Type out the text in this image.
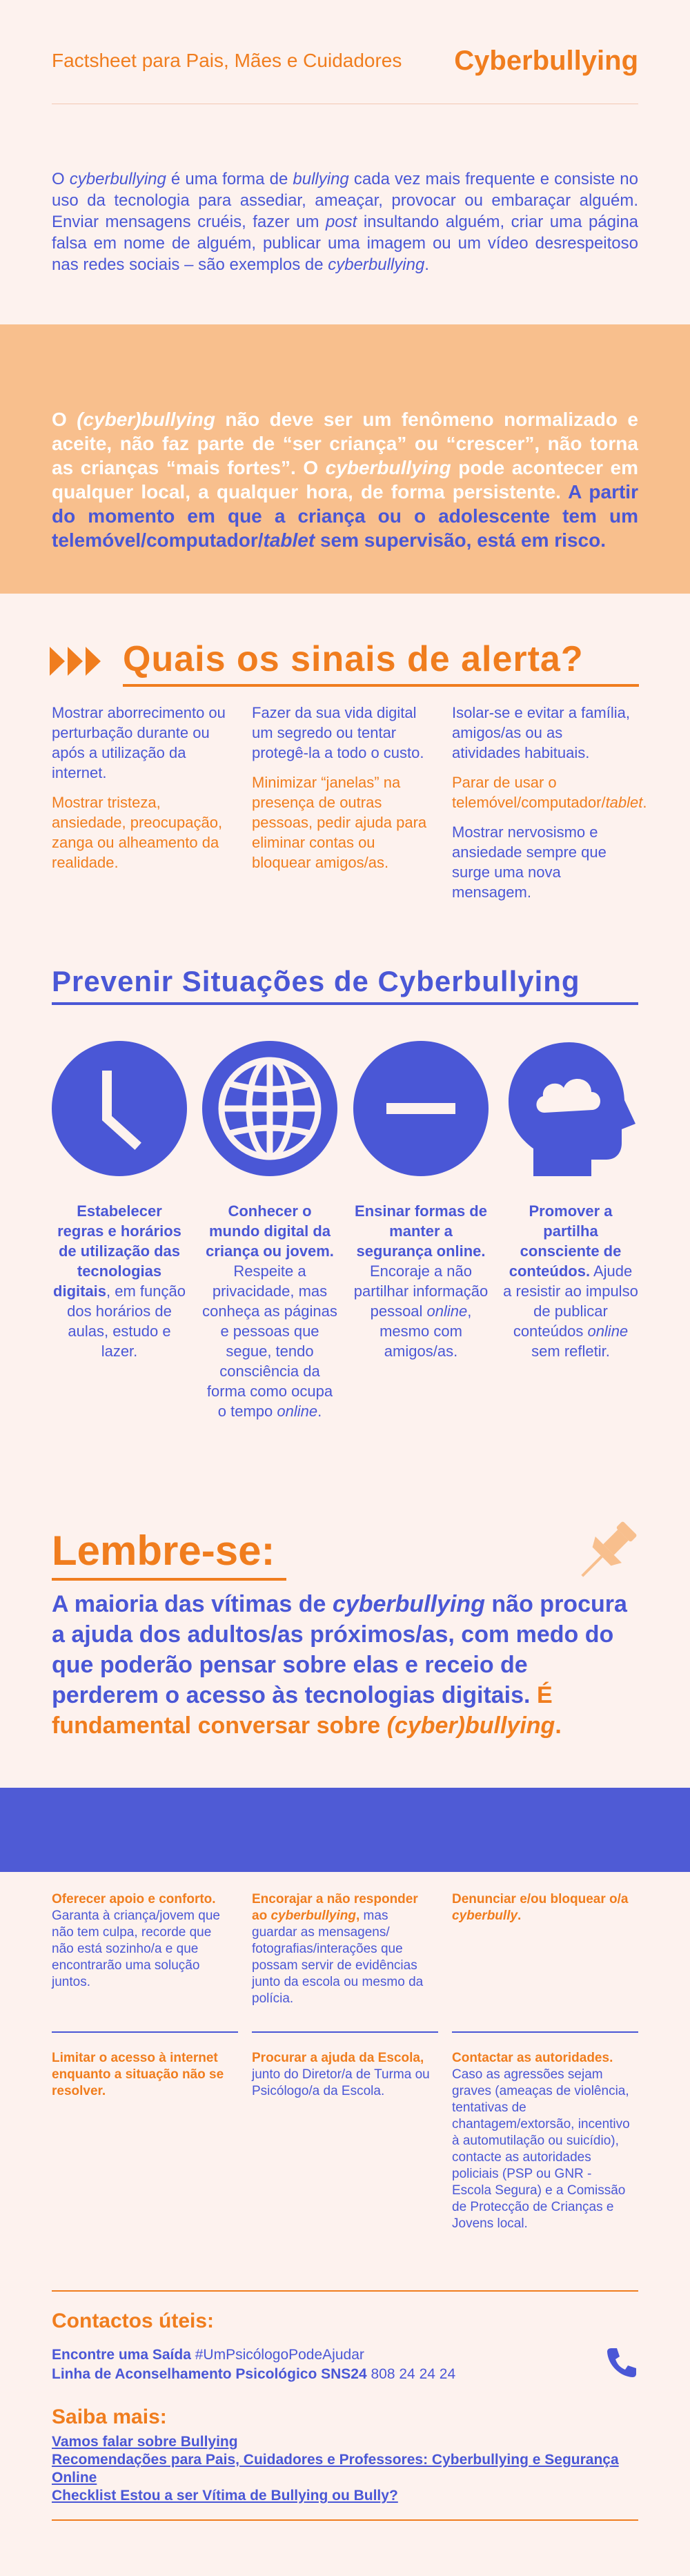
Factsheet para Pais, Mães e Cuidadores Cyberbullying
O cyberbullying é uma forma de bullying cada vez mais frequente e consiste no uso da tecnologia para assediar, ameaçar, provocar ou embaraçar alguém. Enviar mensagens cruéis, fazer um post insultando alguém, criar uma página falsa em nome de alguém, publicar uma imagem ou um vídeo desrespeitoso nas redes sociais – são exemplos de cyberbullying.
O (cyber)bullying não deve ser um fenômeno normalizado e aceite, não faz parte de “ser criança” ou “crescer”, não torna as crianças “mais fortes”. O cyberbullying pode acontecer em qualquer local, a qualquer hora, de forma persistente. A partir do momento em que a criança ou o adolescente tem um telemóvel/computador/tablet sem supervisão, está em risco.
Quais os sinais de alerta?

Mostrar aborrecimento ou perturbação durante ou após a utilização da internet.

Mostrar tristeza, ansiedade, preocupação, zanga ou alheamento da realidade.

Fazer da sua vida digital um segredo ou tentar protegê-la a todo o custo.

Minimizar “janelas” na presença de outras pessoas, pedir ajuda para eliminar contas ou bloquear amigos/as.

Isolar-se e evitar a família, amigos/as ou as atividades habituais.

Parar de usar o telemóvel/computador/tablet.

Mostrar nervosismo e ansiedade sempre que surge uma nova mensagem.

Prevenir Situações de Cyberbullying
Estabelecer regras e horários de utilização das tecnologias digitais, em função dos horários de aulas, estudo e lazer.
Conhecer o mundo digital da criança ou jovem. Respeite a privacidade, mas conheça as páginas e pessoas que segue, tendo consciência da forma como ocupa o tempo online.
Ensinar formas de manter a segurança online. Encoraje a não partilhar informação pessoal online, mesmo com amigos/as.
Promover a partilha consciente de conteúdos. Ajude a resistir ao impulso de publicar conteúdos online sem refletir.
Lembre-se:
A maioria das vítimas de cyberbullying não procura a ajuda dos adultos/as próximos/as, com medo do que poderão pensar sobre elas e receio de perderem o acesso às tecnologias digitais. É fundamental conversar sobre (cyber)bullying.
Oferecer apoio e conforto. Garanta à criança/jovem que não tem culpa, recorde que não está sozinho/a e que encontrarão uma solução juntos.
Encorajar a não responder ao cyberbullying, mas guardar as mensagens/ fotografias/interações que possam servir de evidências junto da escola ou mesmo da polícia.
Denunciar e/ou bloquear o/a cyberbully.
Limitar o acesso à internet enquanto a situação não se resolver.
Procurar a ajuda da Escola, junto do Diretor/a de Turma ou Psicólogo/a da Escola.
Contactar as autoridades. Caso as agressões sejam graves (ameaças de violência, tentativas de chantagem/extorsão, incentivo à automutilação ou suicídio), contacte as autoridades policiais (PSP ou GNR - Escola Segura) e a Comissão de Protecção de Crianças e Jovens local.
Contactos úteis:
Encontre uma Saída #UmPsicólogoPodeAjudar
Linha de Aconselhamento Psicológico SNS24 808 24 24 24
Saiba mais:
Vamos falar sobre Bullying
Recomendações para Pais, Cuidadores e Professores: Cyberbullying e Segurança Online
Checklist Estou a ser Vítima de Bullying ou Bully?
